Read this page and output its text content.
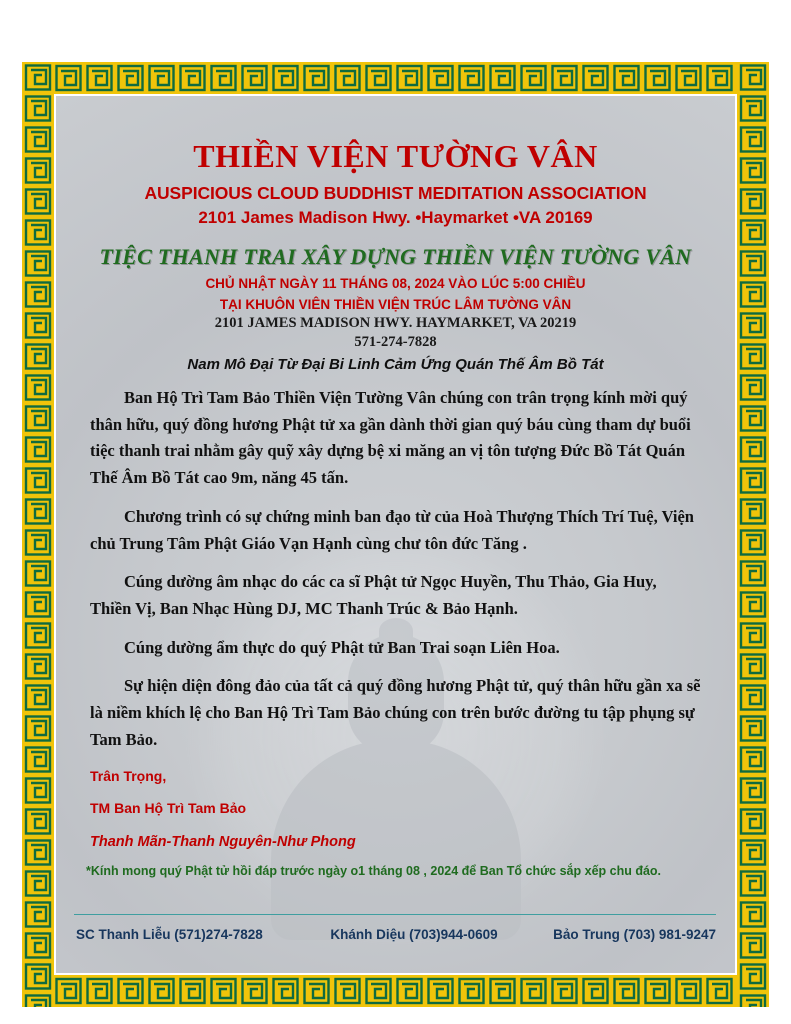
THIỀN VIỆN TƯỜNG VÂN
AUSPICIOUS CLOUD BUDDHIST MEDITATION ASSOCIATION
2101 James Madison Hwy. •Haymarket •VA 20169
TIỆC THANH TRAI XÂY DỰNG THIỀN VIỆN TƯỜNG VÂN
CHỦ NHẬT NGÀY 11 THÁNG 08, 2024 VÀO LÚC 5:00 CHIỀU
TẠI KHUÔN VIÊN THIỀN VIỆN TRÚC LÂM TƯỜNG VÂN
2101 JAMES MADISON HWY. HAYMARKET, VA 20219
571-274-7828
Nam Mô Đại Từ Đại Bi Linh Cảm Ứng Quán Thế Âm Bồ Tát

Ban Hộ Trì Tam Bảo Thiền Viện Tường Vân chúng con trân trọng kính mời quý thân hữu, quý đồng hương Phật tử xa gần dành thời gian quý báu cùng tham dự buổi tiệc thanh trai nhằm gây quỹ xây dựng bệ xi măng an vị tôn tượng Đức Bồ Tát Quán Thế Âm Bồ Tát cao 9m, năng 45 tấn.

Chương trình có sự chứng minh ban đạo từ của Hoà Thượng Thích Trí Tuệ, Viện chủ Trung Tâm Phật Giáo Vạn Hạnh cùng chư tôn đức Tăng .

Cúng dường âm nhạc do các ca sĩ Phật tử Ngọc Huyền, Thu Thảo, Gia Huy, Thiền Vị, Ban Nhạc Hùng DJ, MC Thanh Trúc & Bảo Hạnh.

Cúng dường ẩm thực do quý Phật tử Ban Trai soạn Liên Hoa.

Sự hiện diện đông đảo của tất cả quý đồng hương Phật tử, quý thân hữu gần xa sẽ là niềm khích lệ cho Ban Hộ Trì Tam Bảo chúng con trên bước đường tu tập phụng sự Tam Bảo.

Trân Trọng,
TM Ban Hộ Trì Tam Bảo
Thanh Mãn-Thanh Nguyên-Như Phong
*Kính mong quý Phật tử hồi đáp trước ngày o1 tháng 08 , 2024 để Ban Tổ chức sắp xếp chu đáo.
SC Thanh Liễu (571)274-7828	Khánh Diệu (703)944-0609	Bảo Trung (703) 981-9247
